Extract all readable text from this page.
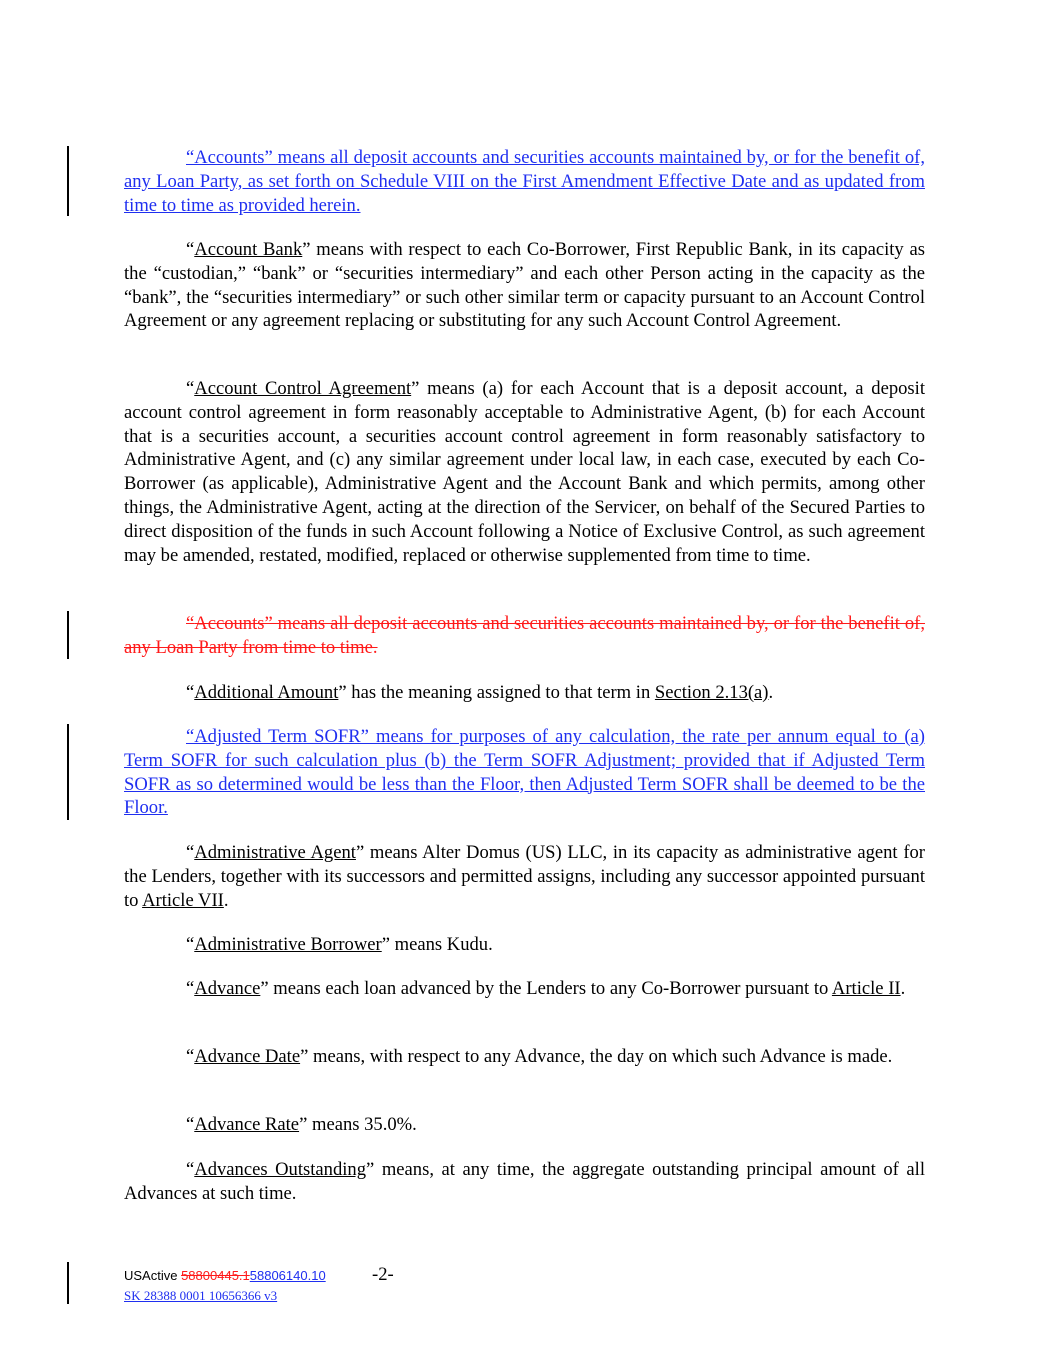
“Accounts” means all deposit accounts and securities accounts maintained by, or for the benefit of, any Loan Party, as set forth on Schedule VIII on the First Amendment Effective Date and as updated from time to time as provided herein.

“Account Bank” means with respect to each Co-Borrower, First Republic Bank, in its capacity as the “custodian,” “bank” or “securities intermediary” and each other Person acting in the capacity as the “bank”, the “securities intermediary” or such other similar term or capacity pursuant to an Account Control Agreement or any agreement replacing or substituting for any such Account Control Agreement.

“Account Control Agreement” means (a) for each Account that is a deposit account, a deposit account control agreement in form reasonably acceptable to Administrative Agent, (b) for each Account that is a securities account, a securities account control agreement in form reasonably satisfactory to Administrative Agent, and (c) any similar agreement under local law, in each case, executed by each Co- Borrower (as applicable), Administrative Agent and the Account Bank and which permits, among other things, the Administrative Agent, acting at the direction of the Servicer, on behalf of the Secured Parties to direct disposition of the funds in such Account following a Notice of Exclusive Control, as such agreement may be amended, restated, modified, replaced or otherwise supplemented from time to time.

“Accounts” means all deposit accounts and securities accounts maintained by, or for the benefit of, any Loan Party from time to time.

“Additional Amount” has the meaning assigned to that term in Section 2.13(a).

“Adjusted Term SOFR” means for purposes of any calculation, the rate per annum equal to (a) Term SOFR for such calculation plus (b) the Term SOFR Adjustment; provided that if Adjusted Term SOFR as so determined would be less than the Floor, then Adjusted Term SOFR shall be deemed to be the Floor.

“Administrative Agent” means Alter Domus (US) LLC, in its capacity as administrative agent for the Lenders, together with its successors and permitted assigns, including any successor appointed pursuant to Article VII.

“Administrative Borrower” means Kudu.

“Advance” means each loan advanced by the Lenders to any Co-Borrower pursuant to Article II.

“Advance Date” means, with respect to any Advance, the day on which such Advance is made.

“Advance Rate” means 35.0%.

“Advances Outstanding” means, at any time, the aggregate outstanding principal amount of all Advances at such time.

USActive 58800445.158806140.10 -2-
SK 28388 0001 10656366 v3
